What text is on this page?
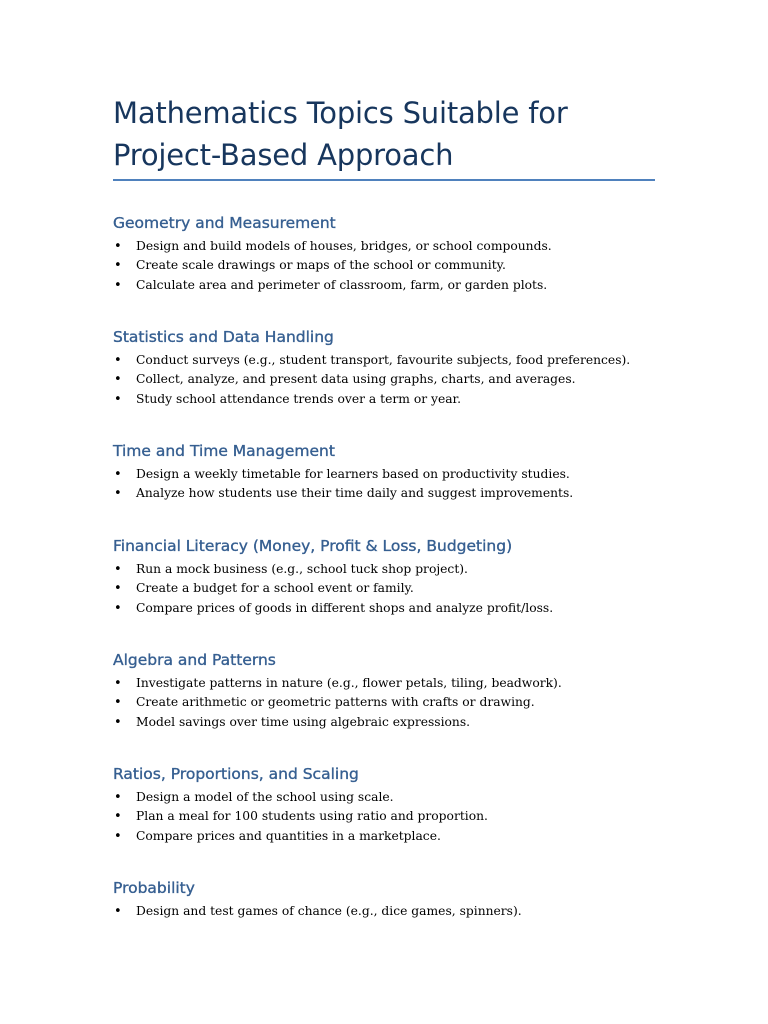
Mathematics Topics Suitable for Project-Based Approach
Geometry and Measurement
• Design and build models of houses, bridges, or school compounds.
• Create scale drawings or maps of the school or community.
• Calculate area and perimeter of classroom, farm, or garden plots.
Statistics and Data Handling
• Conduct surveys (e.g., student transport, favourite subjects, food preferences).
• Collect, analyze, and present data using graphs, charts, and averages.
• Study school attendance trends over a term or year.
Time and Time Management
• Design a weekly timetable for learners based on productivity studies.
• Analyze how students use their time daily and suggest improvements.
Financial Literacy (Money, Profit & Loss, Budgeting)
• Run a mock business (e.g., school tuck shop project).
• Create a budget for a school event or family.
• Compare prices of goods in different shops and analyze profit/loss.
Algebra and Patterns
• Investigate patterns in nature (e.g., flower petals, tiling, beadwork).
• Create arithmetic or geometric patterns with crafts or drawing.
• Model savings over time using algebraic expressions.
Ratios, Proportions, and Scaling
• Design a model of the school using scale.
• Plan a meal for 100 students using ratio and proportion.
• Compare prices and quantities in a marketplace.
Probability
• Design and test games of chance (e.g., dice games, spinners).
